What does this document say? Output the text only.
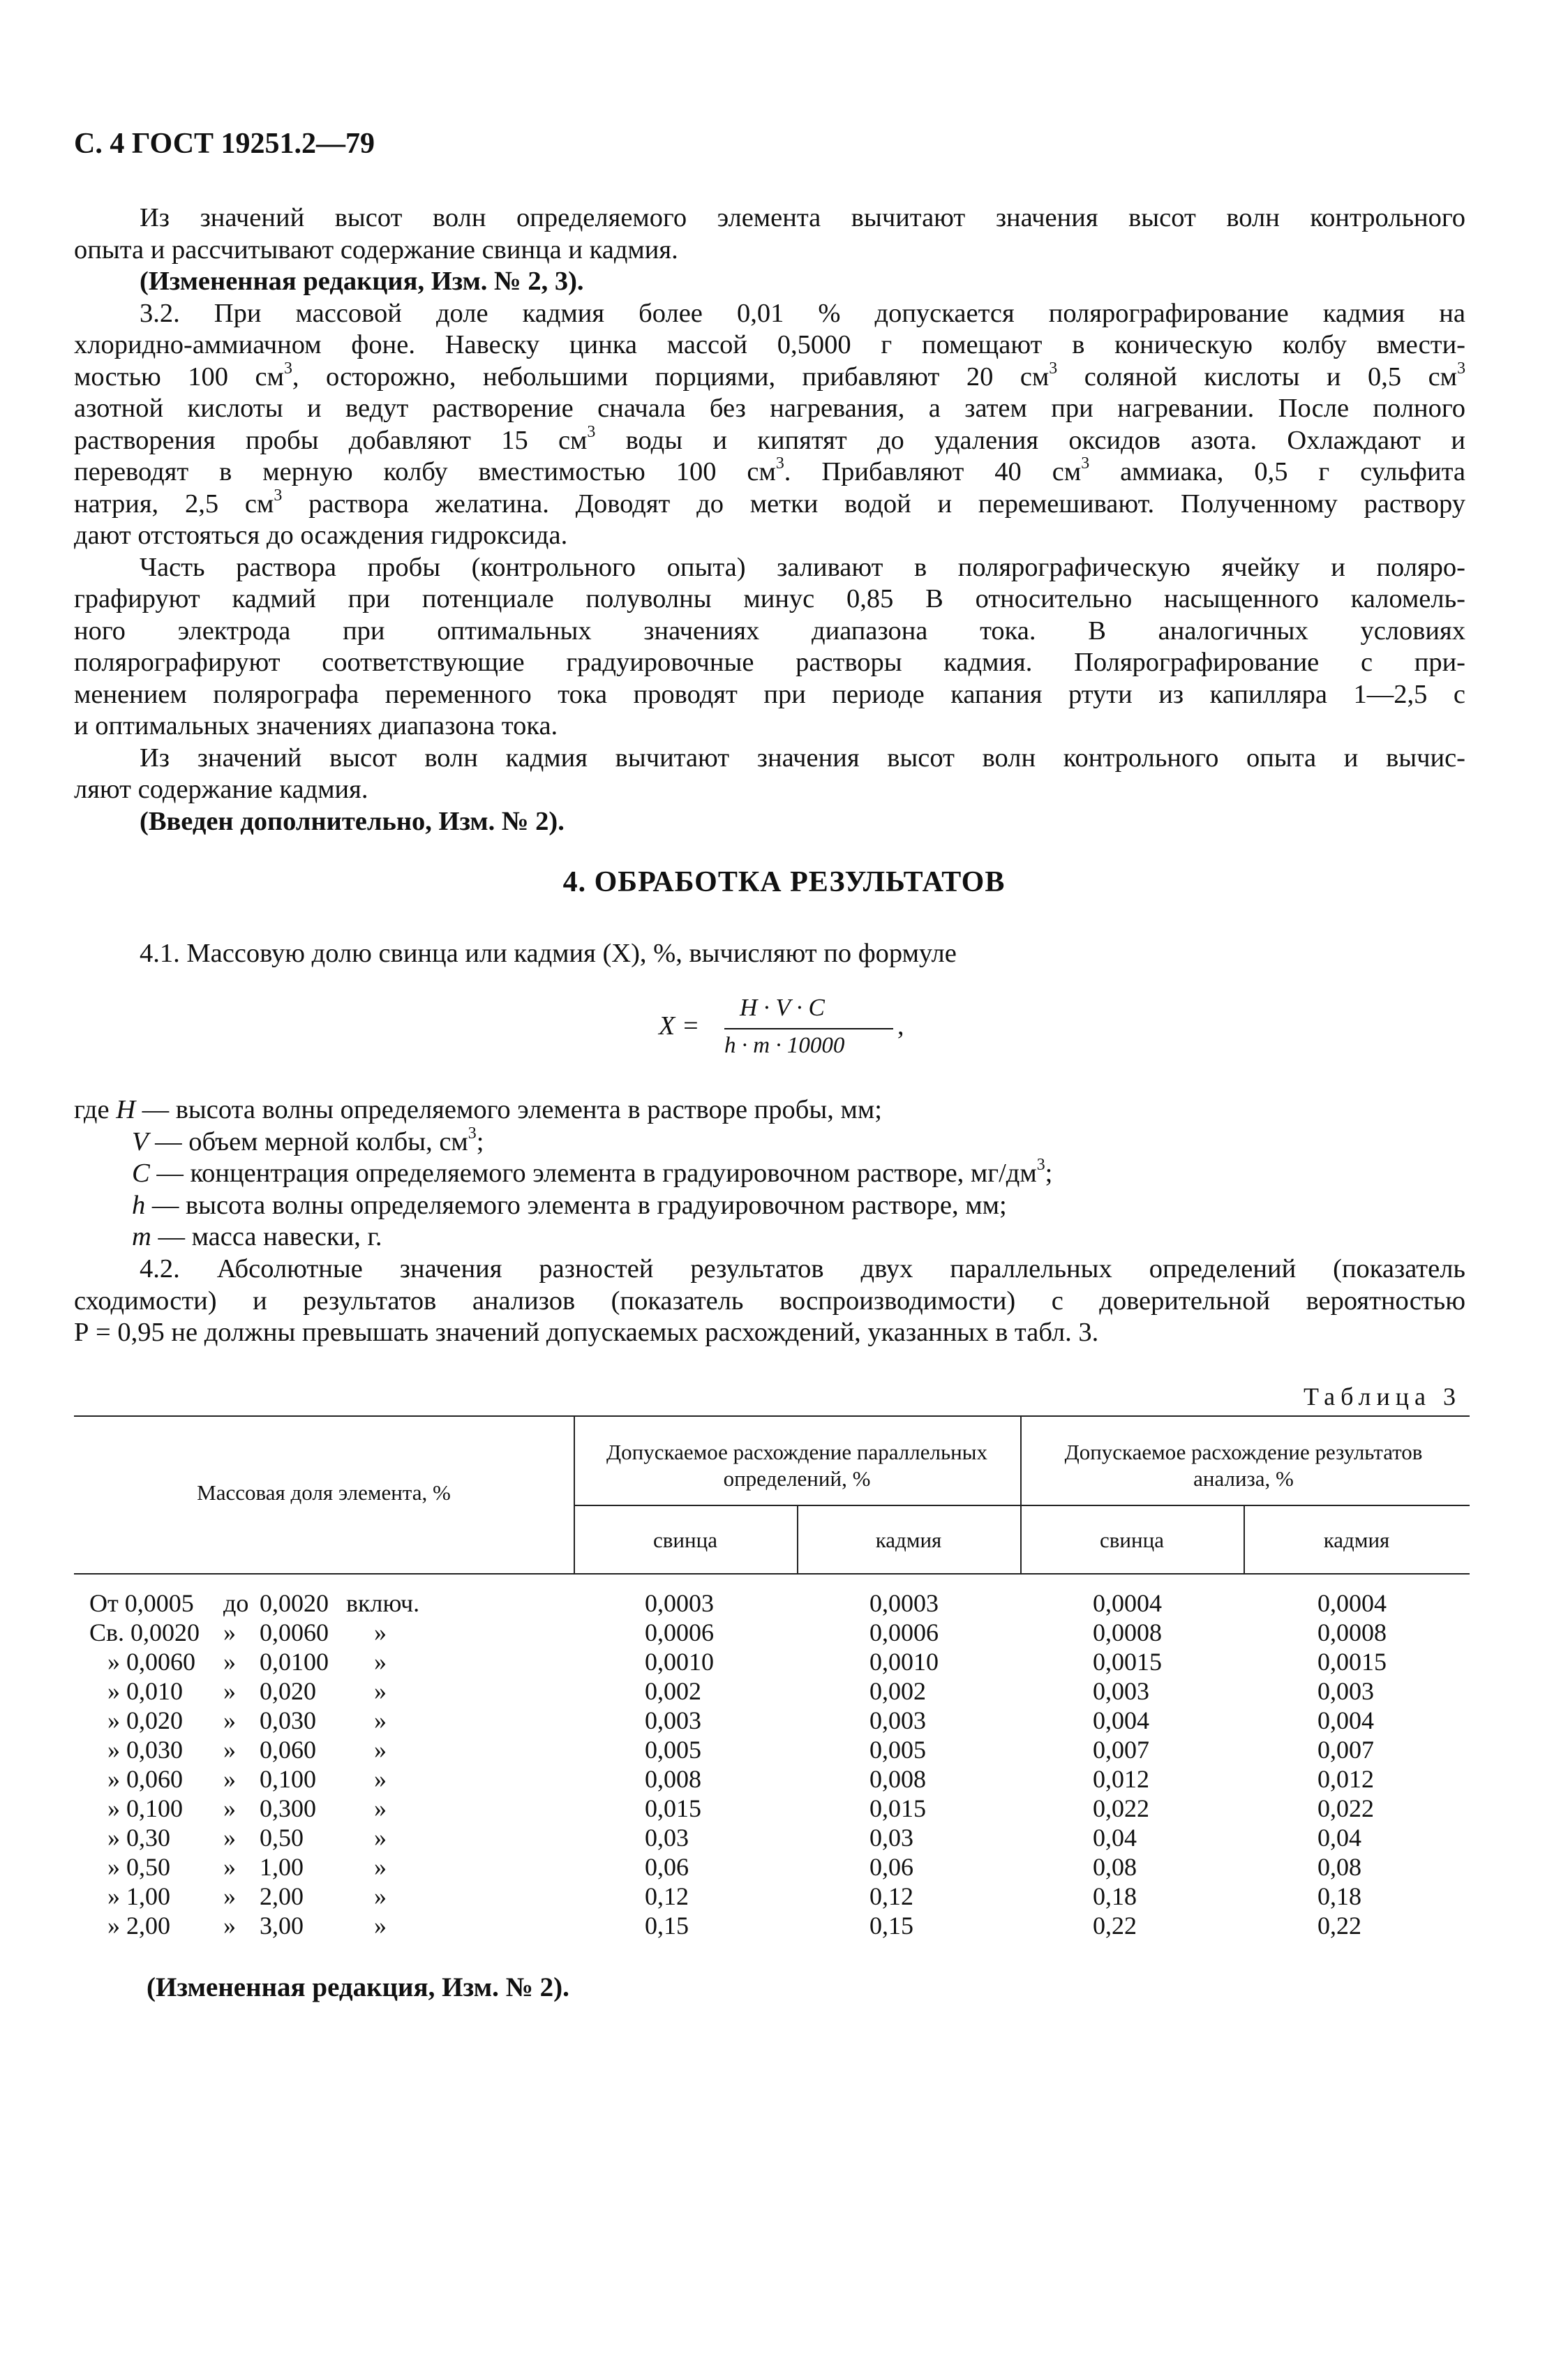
С. 4 ГОСТ 19251.2—79
Из значений высот волн определяемого элемента вычитают значения высот волн контрольного
опыта и рассчитывают содержание свинца и кадмия.
(Измененная редакция, Изм. № 2, 3).
3.2. При массовой доле кадмия более 0,01 % допускается полярографирование кадмия на
хлоридно-аммиачном фоне. Навеску цинка массой 0,5000 г помещают в коническую колбу вмести-
мостью 100 $см^3$, осторожно, небольшими порциями, прибавляют 20 $см^3$ соляной кислоты и 0,5 $см^3$
азотной кислоты и ведут растворение сначала без нагревания, а затем при нагревании. После полного
растворения пробы добавляют 15 $см^3$ воды и кипятят до удаления оксидов азота. Охлаждают и
переводят в мерную колбу вместимостью 100 $см^3$. Прибавляют 40 $см^3$ аммиака, 0,5 г сульфита
натрия, 2,5 $см^3$ раствора желатина. Доводят до метки водой и перемешивают. Полученному раствору
дают отстояться до осаждения гидроксида.
Часть раствора пробы (контрольного опыта) заливают в полярографическую ячейку и поляро-
графируют кадмий при потенциале полуволны минус 0,85 В относительно насыщенного каломель-
ного электрода при оптимальных значениях диапазона тока. В аналогичных условиях
полярографируют соответствующие градуировочные растворы кадмия. Полярографирование с при-
менением полярографа переменного тока проводят при периоде капания ртути из капилляра 1—2,5 с
и оптимальных значениях диапазона тока.
Из значений высот волн кадмия вычитают значения высот волн контрольного опыта и вычис-
ляют содержание кадмия.
(Введен дополнительно, Изм. № 2).
4. ОБРАБОТКА РЕЗУЛЬТАТОВ
4.1. Массовую долю свинца или кадмия (X), %, вычисляют по формуле
X =
H · V · C
h · m · 10000
,
где H — высота волны определяемого элемента в растворе пробы, мм;
V — объем мерной колбы, $см^3$;
C — концентрация определяемого элемента в градуировочном растворе, $мг/дм^3$;
h — высота волны определяемого элемента в градуировочном растворе, мм;
m — масса навески, г.
4.2. Абсолютные значения разностей результатов двух параллельных определений (показатель
сходимости) и результатов анализов (показатель воспроизводимости) с доверительной вероятностью
Р = 0,95 не должны превышать значений допускаемых расхождений, указанных в табл. 3.
Таблица 3
Массовая доля элемента, %
Допускаемое расхождение параллельных определений, %
Допускаемое расхождение результатов анализа, %
свинца	кадмия	свинца	кадмия
От 0,0005 до 0,0020 включ.	0,0003	0,0003	0,0004	0,0004
Св. 0,0020 » 0,0060 »	0,0006	0,0006	0,0008	0,0008
» 0,0060 » 0,0100 »	0,0010	0,0010	0,0015	0,0015
» 0,010 » 0,020 »	0,002	0,002	0,003	0,003
» 0,020 » 0,030 »	0,003	0,003	0,004	0,004
» 0,030 » 0,060 »	0,005	0,005	0,007	0,007
» 0,060 » 0,100 »	0,008	0,008	0,012	0,012
» 0,100 » 0,300 »	0,015	0,015	0,022	0,022
» 0,30 » 0,50	»	0,03	0,03	0,04	0,04
» 0,50 » 1,00	»	0,06	0,06	0,08	0,08
» 1,00 » 2,00	»	0,12	0,12	0,18	0,18
» 2,00 » 3,00	»	0,15	0,15	0,22	0,22
(Измененная редакция, Изм. № 2).
